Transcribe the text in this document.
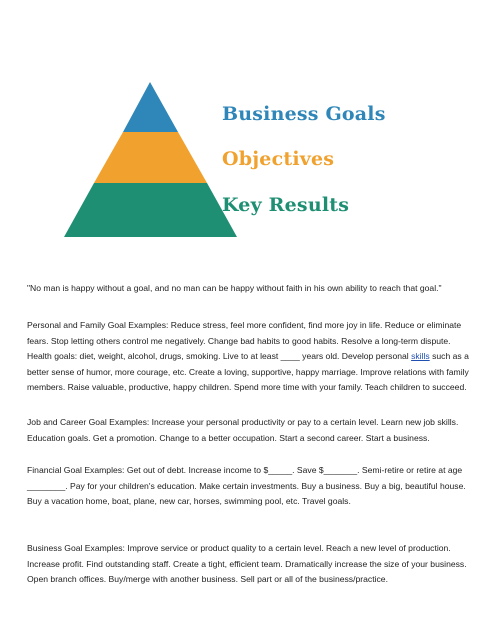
Business Goals
Objectives
Key Results
"No man is happy without a goal, and no man can be happy without faith in his own ability to reach that goal."
Personal and Family Goal Examples: Reduce stress, feel more confident, find more joy in life. Reduce or eliminate fears. Stop letting others control me negatively. Change bad habits to good habits. Resolve a long-term dispute. Health goals: diet, weight, alcohol, drugs, smoking. Live to at least ____ years old. Develop personal skills such as a better sense of humor, more courage, etc. Create a loving, supportive, happy marriage. Improve relations with family members. Raise valuable, productive, happy children. Spend more time with your family. Teach children to succeed.
Job and Career Goal Examples: Increase your personal productivity or pay to a certain level. Learn new job skills. Education goals. Get a promotion. Change to a better occupation. Start a second career. Start a business.
Financial Goal Examples: Get out of debt. Increase income to $_____. Save $_______. Semi-retire or retire at age ________. Pay for your children's education. Make certain investments. Buy a business. Buy a big, beautiful house. Buy a vacation home, boat, plane, new car, horses, swimming pool, etc. Travel goals.
Business Goal Examples: Improve service or product quality to a certain level. Reach a new level of production. Increase profit. Find outstanding staff. Create a tight, efficient team. Dramatically increase the size of your business. Open branch offices. Buy/merge with another business. Sell part or all of the business/practice.
